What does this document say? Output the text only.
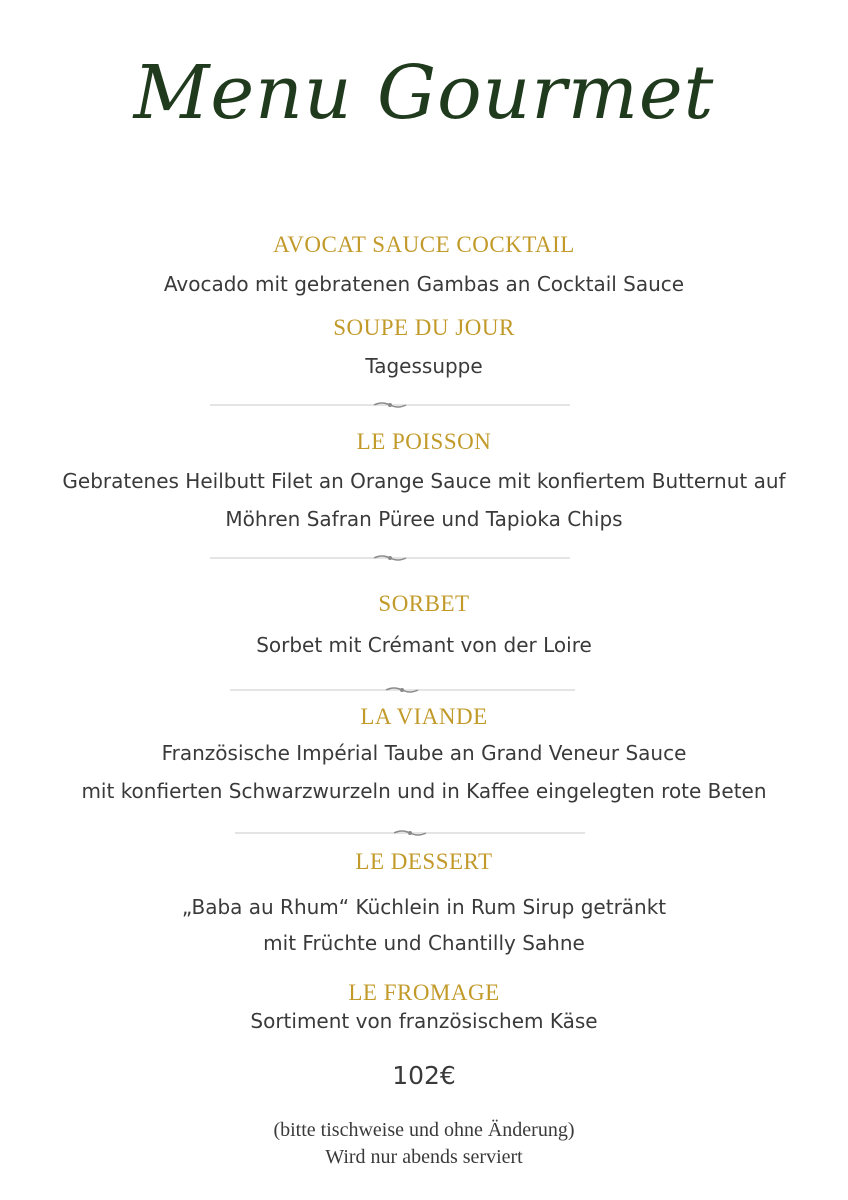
Menu Gourmet
AVOCAT SAUCE COCKTAIL
Avocado mit gebratenen Gambas an Cocktail Sauce
SOUPE DU JOUR
Tagessuppe
LE POISSON
Gebratenes Heilbutt Filet an Orange Sauce mit konfiertem Butternut auf
Möhren Safran Püree und Tapioka Chips
SORBET
Sorbet mit Crémant von der Loire
LA VIANDE
Französische Impérial Taube an Grand Veneur Sauce
mit konfierten Schwarzwurzeln und in Kaffee eingelegten rote Beten
LE DESSERT
„Baba au Rhum“ Küchlein in Rum Sirup getränkt
mit Früchte und Chantilly Sahne
LE FROMAGE
Sortiment von französischem Käse
102€
(bitte tischweise und ohne Änderung)
Wird nur abends serviert
